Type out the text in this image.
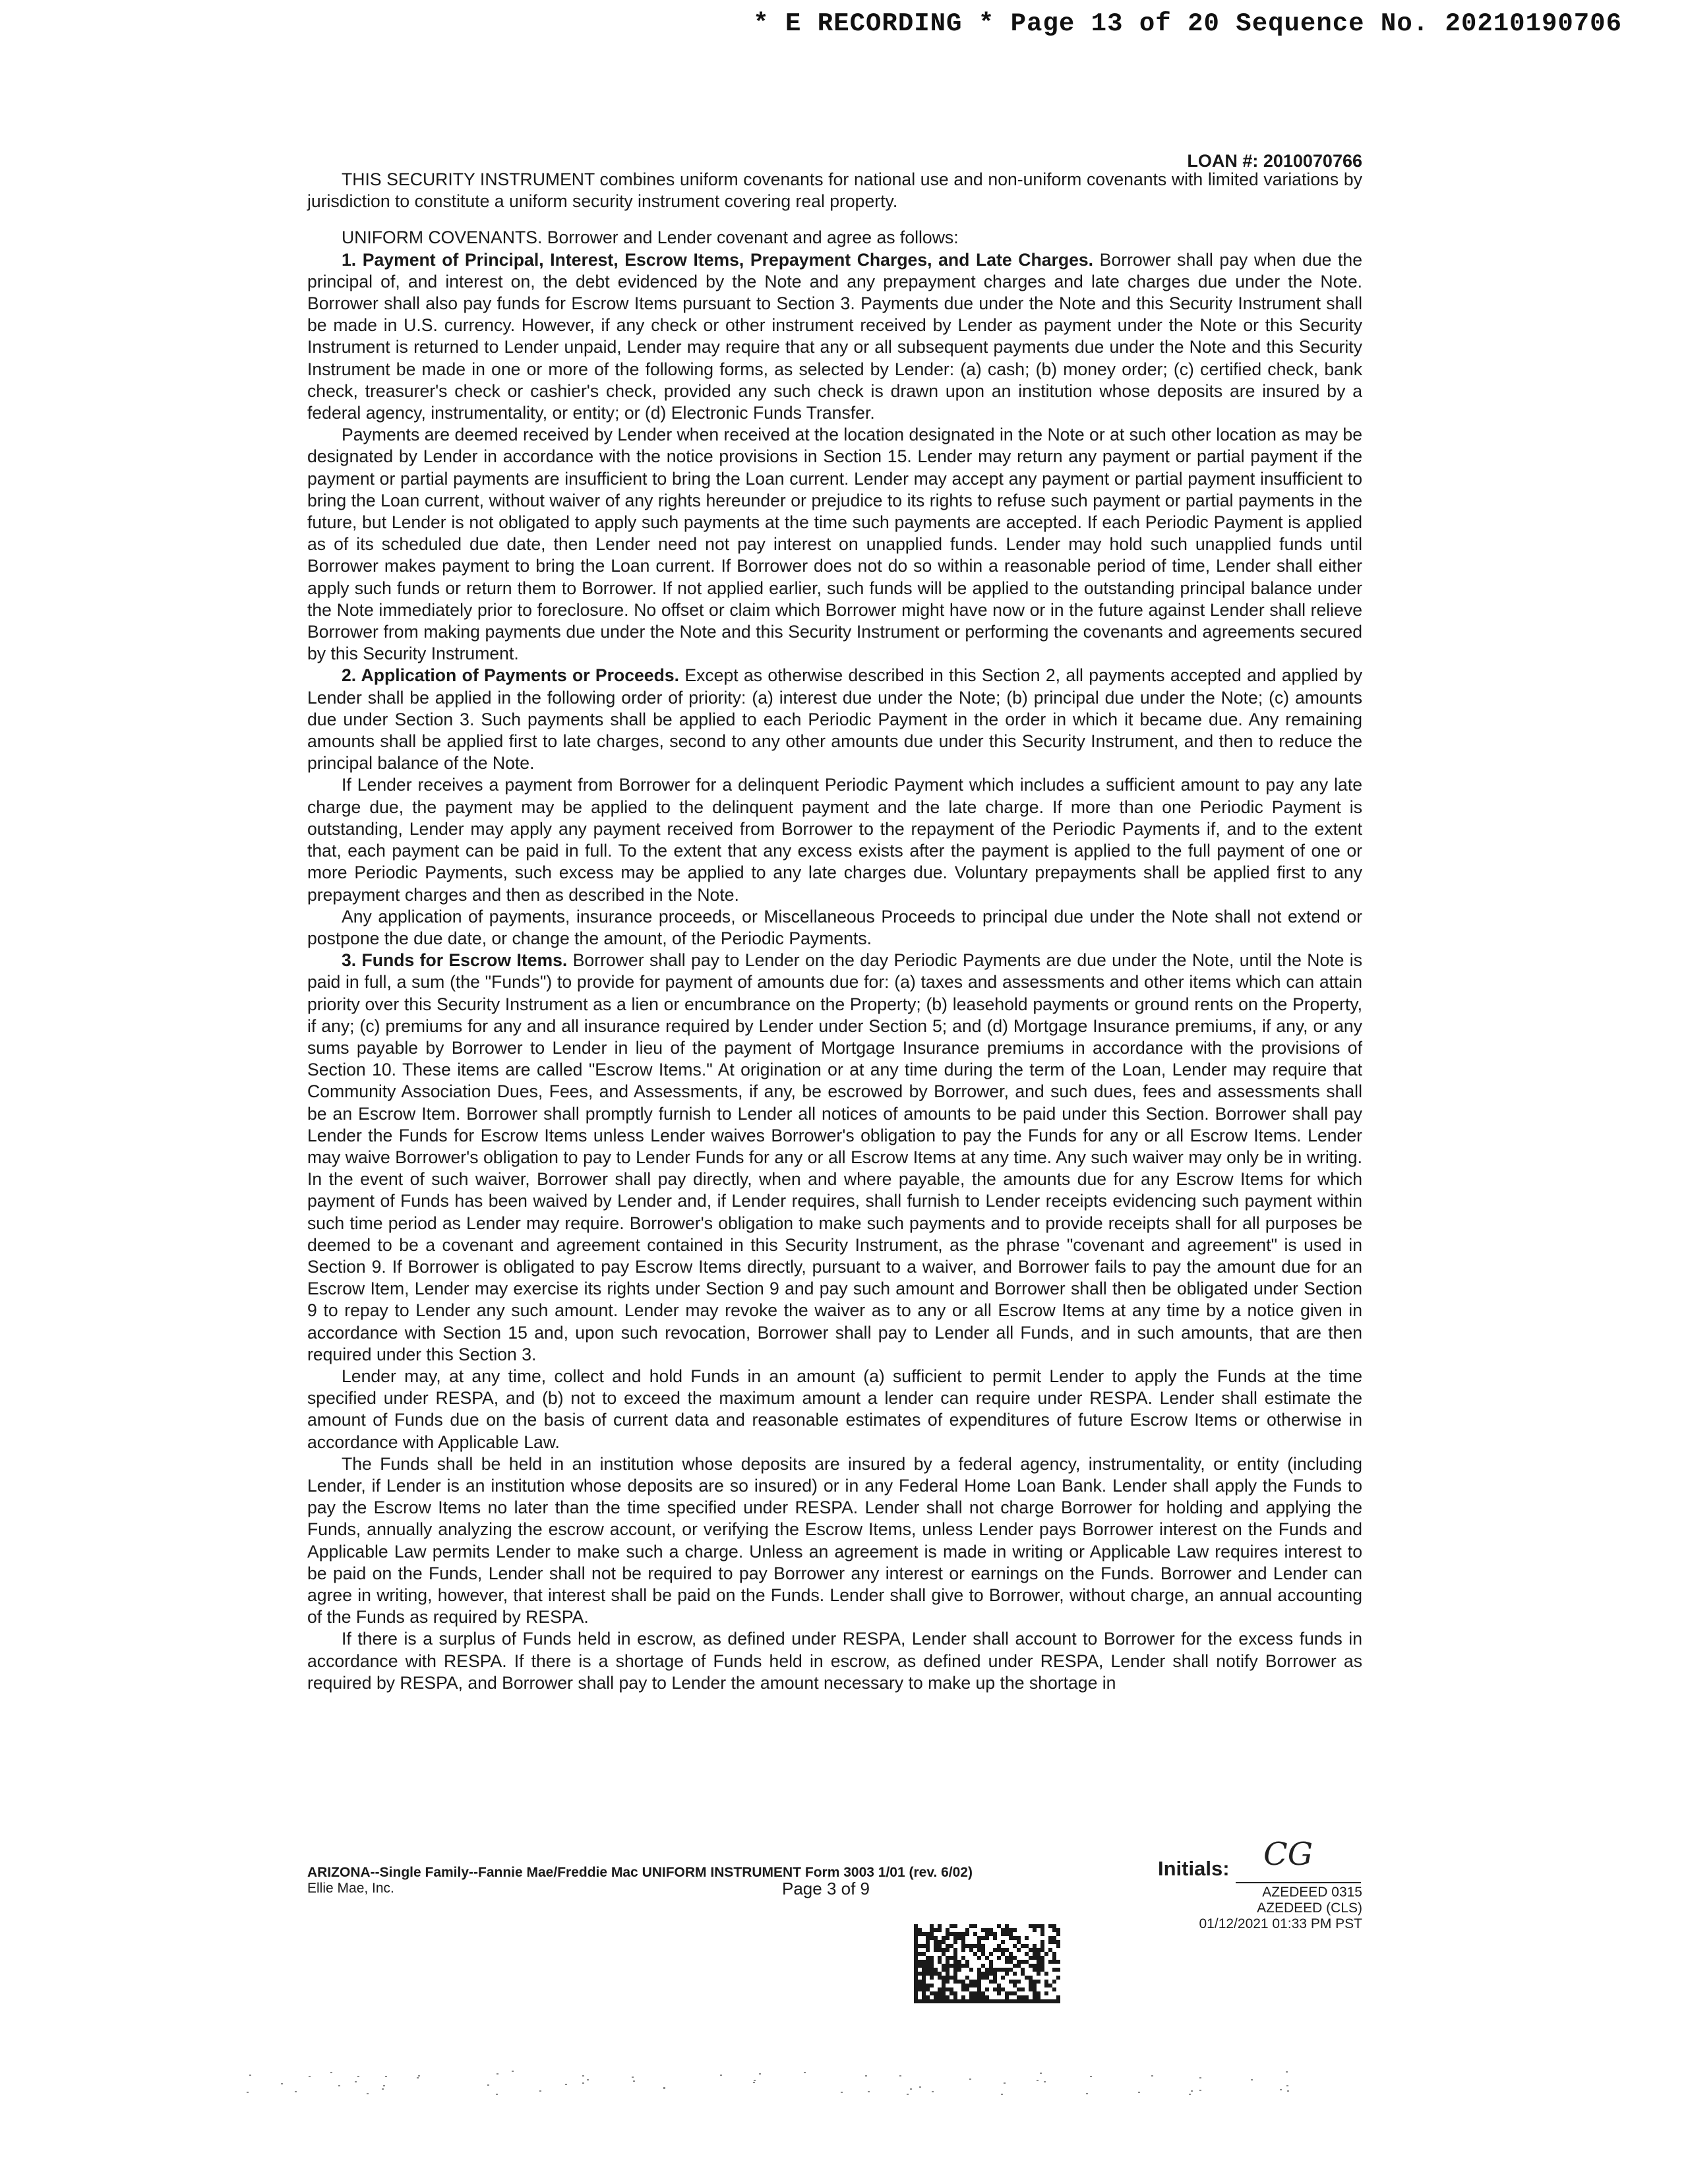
* E RECORDING * Page 13 of 20 Sequence No. 20210190706
LOAN #: 2010070766

THIS SECURITY INSTRUMENT combines uniform covenants for national use and non-uniform covenants with limited variations by jurisdiction to constitute a uniform security instrument covering real property.

UNIFORM COVENANTS. Borrower and Lender covenant and agree as follows:

1. Payment of Principal, Interest, Escrow Items, Prepayment Charges, and Late Charges. Borrower shall pay when due the principal of, and interest on, the debt evidenced by the Note and any prepayment charges and late charges due under the Note. Borrower shall also pay funds for Escrow Items pursuant to Section 3. Payments due under the Note and this Security Instrument shall be made in U.S. currency. However, if any check or other instrument received by Lender as payment under the Note or this Security Instrument is returned to Lender unpaid, Lender may require that any or all subsequent payments due under the Note and this Security Instrument be made in one or more of the following forms, as selected by Lender: (a) cash; (b) money order; (c) certified check, bank check, treasurer's check or cashier's check, provided any such check is drawn upon an institution whose deposits are insured by a federal agency, instrumentality, or entity; or (d) Electronic Funds Transfer.

Payments are deemed received by Lender when received at the location designated in the Note or at such other location as may be designated by Lender in accordance with the notice provisions in Section 15. Lender may return any payment or partial payment if the payment or partial payments are insufficient to bring the Loan current. Lender may accept any payment or partial payment insufficient to bring the Loan current, without waiver of any rights hereunder or prejudice to its rights to refuse such payment or partial payments in the future, but Lender is not obligated to apply such payments at the time such payments are accepted. If each Periodic Payment is applied as of its scheduled due date, then Lender need not pay interest on unapplied funds. Lender may hold such unapplied funds until Borrower makes payment to bring the Loan current. If Borrower does not do so within a reasonable period of time, Lender shall either apply such funds or return them to Borrower. If not applied earlier, such funds will be applied to the outstanding principal balance under the Note immediately prior to foreclosure. No offset or claim which Borrower might have now or in the future against Lender shall relieve Borrower from making payments due under the Note and this Security Instrument or performing the covenants and agreements secured by this Security Instrument.

2. Application of Payments or Proceeds. Except as otherwise described in this Section 2, all payments accepted and applied by Lender shall be applied in the following order of priority: (a) interest due under the Note; (b) principal due under the Note; (c) amounts due under Section 3. Such payments shall be applied to each Periodic Payment in the order in which it became due. Any remaining amounts shall be applied first to late charges, second to any other amounts due under this Security Instrument, and then to reduce the principal balance of the Note.

If Lender receives a payment from Borrower for a delinquent Periodic Payment which includes a sufficient amount to pay any late charge due, the payment may be applied to the delinquent payment and the late charge. If more than one Periodic Payment is outstanding, Lender may apply any payment received from Borrower to the repayment of the Periodic Payments if, and to the extent that, each payment can be paid in full. To the extent that any excess exists after the payment is applied to the full payment of one or more Periodic Payments, such excess may be applied to any late charges due. Voluntary prepayments shall be applied first to any prepayment charges and then as described in the Note.

Any application of payments, insurance proceeds, or Miscellaneous Proceeds to principal due under the Note shall not extend or postpone the due date, or change the amount, of the Periodic Payments.

3. Funds for Escrow Items. Borrower shall pay to Lender on the day Periodic Payments are due under the Note, until the Note is paid in full, a sum (the "Funds") to provide for payment of amounts due for: (a) taxes and assessments and other items which can attain priority over this Security Instrument as a lien or encumbrance on the Property; (b) leasehold payments or ground rents on the Property, if any; (c) premiums for any and all insurance required by Lender under Section 5; and (d) Mortgage Insurance premiums, if any, or any sums payable by Borrower to Lender in lieu of the payment of Mortgage Insurance premiums in accordance with the provisions of Section 10. These items are called "Escrow Items." At origination or at any time during the term of the Loan, Lender may require that Community Association Dues, Fees, and Assessments, if any, be escrowed by Borrower, and such dues, fees and assessments shall be an Escrow Item. Borrower shall promptly furnish to Lender all notices of amounts to be paid under this Section. Borrower shall pay Lender the Funds for Escrow Items unless Lender waives Borrower's obligation to pay the Funds for any or all Escrow Items. Lender may waive Borrower's obligation to pay to Lender Funds for any or all Escrow Items at any time. Any such waiver may only be in writing. In the event of such waiver, Borrower shall pay directly, when and where payable, the amounts due for any Escrow Items for which payment of Funds has been waived by Lender and, if Lender requires, shall furnish to Lender receipts evidencing such payment within such time period as Lender may require. Borrower's obligation to make such payments and to provide receipts shall for all purposes be deemed to be a covenant and agreement contained in this Security Instrument, as the phrase "covenant and agreement" is used in Section 9. If Borrower is obligated to pay Escrow Items directly, pursuant to a waiver, and Borrower fails to pay the amount due for an Escrow Item, Lender may exercise its rights under Section 9 and pay such amount and Borrower shall then be obligated under Section 9 to repay to Lender any such amount. Lender may revoke the waiver as to any or all Escrow Items at any time by a notice given in accordance with Section 15 and, upon such revocation, Borrower shall pay to Lender all Funds, and in such amounts, that are then required under this Section 3.

Lender may, at any time, collect and hold Funds in an amount (a) sufficient to permit Lender to apply the Funds at the time specified under RESPA, and (b) not to exceed the maximum amount a lender can require under RESPA. Lender shall estimate the amount of Funds due on the basis of current data and reasonable estimates of expenditures of future Escrow Items or otherwise in accordance with Applicable Law.

The Funds shall be held in an institution whose deposits are insured by a federal agency, instrumentality, or entity (including Lender, if Lender is an institution whose deposits are so insured) or in any Federal Home Loan Bank. Lender shall apply the Funds to pay the Escrow Items no later than the time specified under RESPA. Lender shall not charge Borrower for holding and applying the Funds, annually analyzing the escrow account, or verifying the Escrow Items, unless Lender pays Borrower interest on the Funds and Applicable Law permits Lender to make such a charge. Unless an agreement is made in writing or Applicable Law requires interest to be paid on the Funds, Lender shall not be required to pay Borrower any interest or earnings on the Funds. Borrower and Lender can agree in writing, however, that interest shall be paid on the Funds. Lender shall give to Borrower, without charge, an annual accounting of the Funds as required by RESPA.

If there is a surplus of Funds held in escrow, as defined under RESPA, Lender shall account to Borrower for the excess funds in accordance with RESPA. If there is a shortage of Funds held in escrow, as defined under RESPA, Lender shall notify Borrower as required by RESPA, and Borrower shall pay to Lender the amount necessary to make up the shortage in

ARIZONA--Single Family--Fannie Mae/Freddie Mac UNIFORM INSTRUMENT Form 3003 1/01 (rev. 6/02)
Ellie Mae, Inc.	Page 3 of 9
Initials: CG
AZEDEED 0315
AZEDEED (CLS)
01/12/2021 01:33 PM PST
